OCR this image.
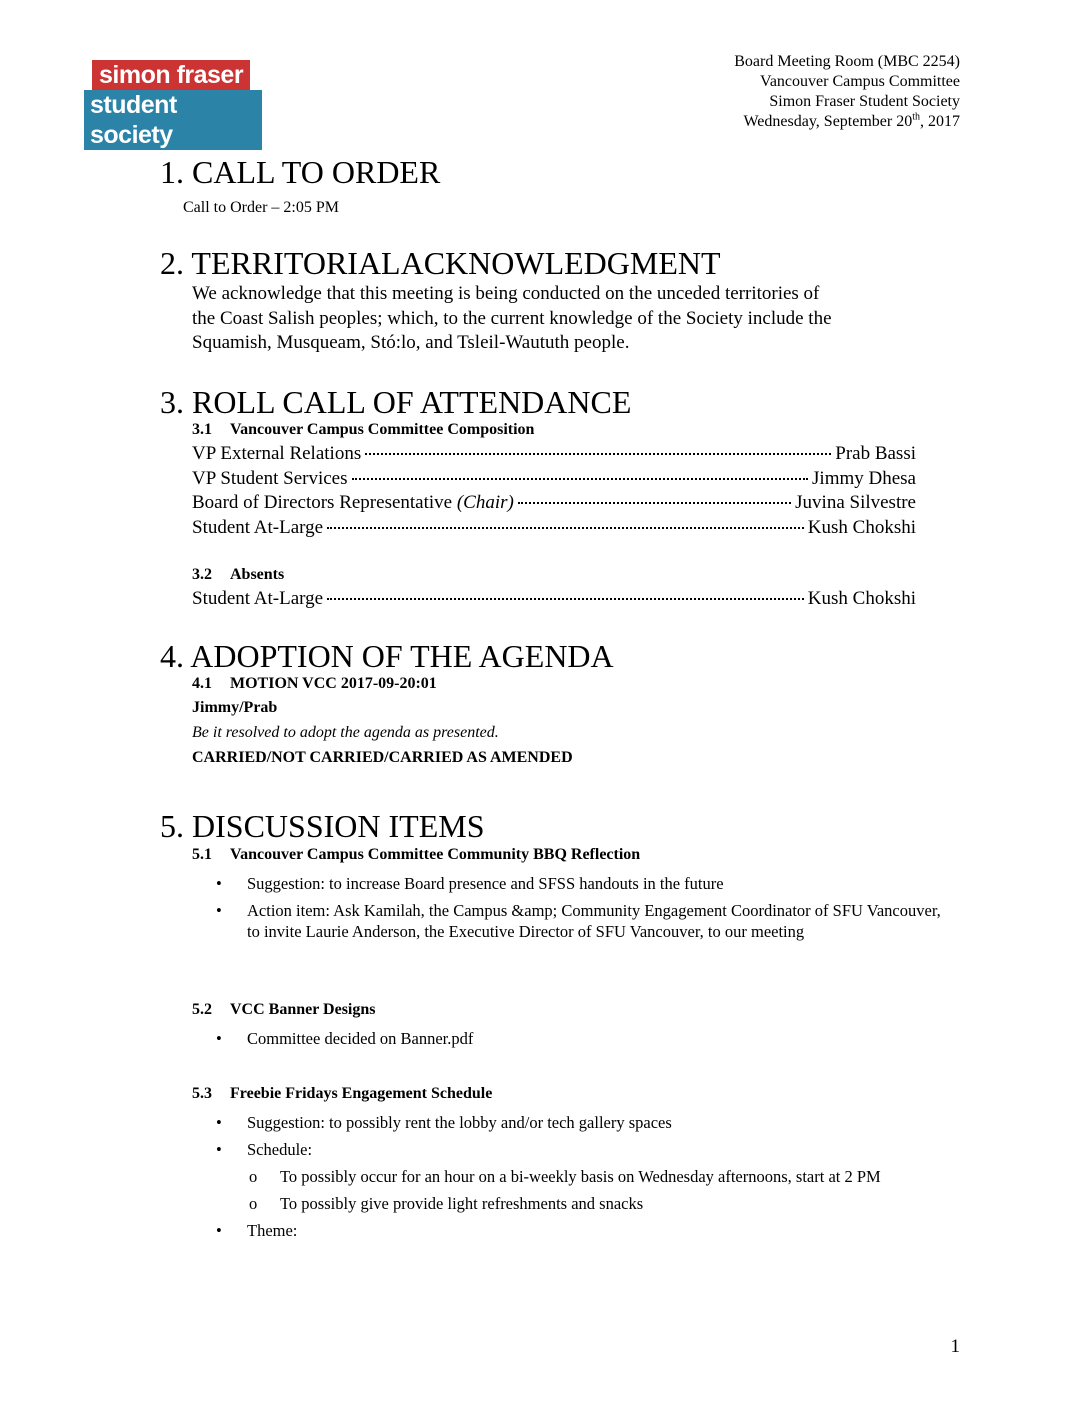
simon fraser
student society
Board Meeting Room (MBC 2254)
Vancouver Campus Committee
Simon Fraser Student Society
Wednesday, September 20th, 2017
1. CALL TO ORDER
Call to Order – 2:05 PM
2. TERRITORIALACKNOWLEDGMENT
We acknowledge that this meeting is being conducted on the unceded territories of
the Coast Salish peoples; which, to the current knowledge of the Society include the
Squamish, Musqueam, Stó:lo, and Tsleil-Waututh people.
3. ROLL CALL OF ATTENDANCE
3.1 Vancouver Campus Committee Composition
VP External Relations	Prab Bassi
VP Student Services	Jimmy Dhesa
Board of Directors Representative (Chair)	Juvina Silvestre
Student At-Large	Kush Chokshi
3.2 Absents
Student At-Large	Kush Chokshi
4. ADOPTION OF THE AGENDA
4.1 MOTION VCC 2017-09-20:01
Jimmy/Prab
Be it resolved to adopt the agenda as presented.
CARRIED/NOT CARRIED/CARRIED AS AMENDED
5. DISCUSSION ITEMS
5.1 Vancouver Campus Committee Community BBQ Reflection
• Suggestion: to increase Board presence and SFSS handouts in the future
• Action item: Ask Kamilah, the Campus &amp; Community Engagement Coordinator of SFU Vancouver, to invite Laurie Anderson, the Executive Director of SFU Vancouver, to our meeting
5.2 VCC Banner Designs
• Committee decided on Banner.pdf
5.3 Freebie Fridays Engagement Schedule
• Suggestion: to possibly rent the lobby and/or tech gallery spaces
• Schedule:
o To possibly occur for an hour on a bi-weekly basis on Wednesday afternoons, start at 2 PM
o To possibly give provide light refreshments and snacks
• Theme:
1
